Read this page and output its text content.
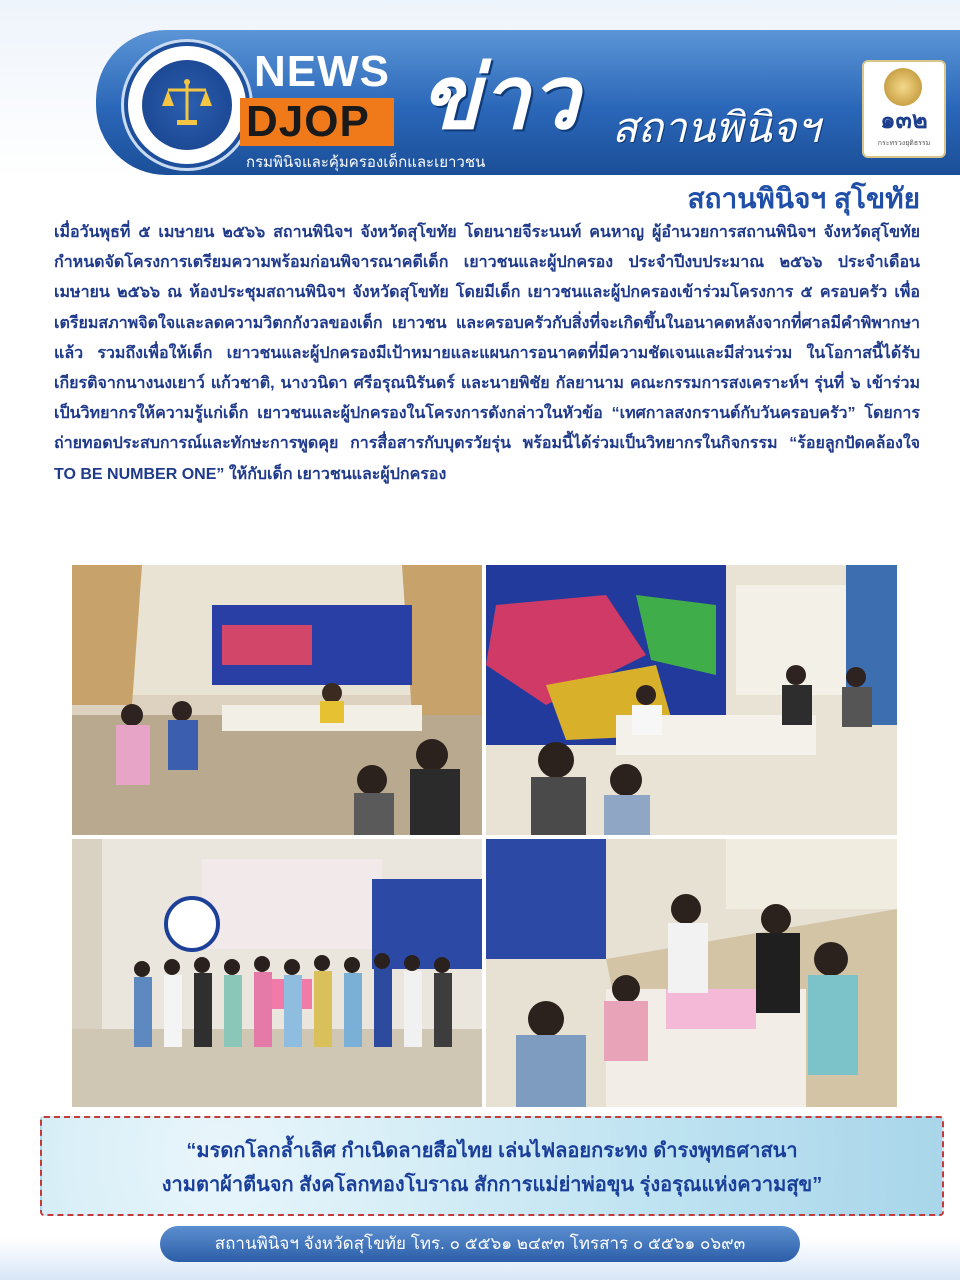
NEWS
DJOP
กรมพินิจและคุ้มครองเด็กและเยาวชน
ข่าว สถานพินิจฯ	๑๓๒
กระทรวงยุติธรรม
สถานพินิจฯ สุโขทัย
เมื่อวันพุธที่ ๕ เมษายน ๒๕๖๖ สถานพินิจฯ จังหวัดสุโขทัย โดยนายจีระนนท์ คนหาญ ผู้อำนวยการสถานพินิจฯ จังหวัดสุโขทัย กำหนดจัดโครงการเตรียมความพร้อมก่อนพิจารณาคดีเด็ก เยาวชนและผู้ปกครอง ประจำปีงบประมาณ ๒๕๖๖ ประจำเดือนเมษายน ๒๕๖๖ ณ ห้องประชุมสถานพินิจฯ จังหวัดสุโขทัย โดยมีเด็ก เยาวชนและผู้ปกครองเข้าร่วมโครงการ ๕ ครอบครัว เพื่อเตรียมสภาพจิตใจและลดความวิตกกังวลของเด็ก เยาวชน และครอบครัวกับสิ่งที่จะเกิดขึ้นในอนาคตหลังจากที่ศาลมีคำพิพากษาแล้ว รวมถึงเพื่อให้เด็ก เยาวชนและผู้ปกครองมีเป้าหมายและแผนการอนาคตที่มีความชัดเจนและมีส่วนร่วม ในโอกาสนี้ได้รับเกียรติจากนางนงเยาว์ แก้วชาติ, นางวนิดา ศรีอรุณนิรันดร์ และนายพิชัย กัลยานาม คณะกรรมการสงเคราะห์ฯ รุ่นที่ ๖ เข้าร่วมเป็นวิทยากรให้ความรู้แก่เด็ก เยาวชนและผู้ปกครองในโครงการดังกล่าวในหัวข้อ “เทศกาลสงกรานต์กับวันครอบครัว” โดยการถ่ายทอดประสบการณ์และทักษะการพูดคุย การสื่อสารกับบุตรวัยรุ่น พร้อมนี้ได้ร่วมเป็นวิทยากรในกิจกรรม “ร้อยลูกปัดคล้องใจ TO BE NUMBER ONE” ให้กับเด็ก เยาวชนและผู้ปกครอง
“มรดกโลกล้ำเลิศ กำเนิดลายสือไทย เล่นไฟลอยกระทง ดำรงพุทธศาสนา
งามตาผ้าตีนจก สังคโลกทองโบราณ สักการแม่ย่าพ่อขุน รุ่งอรุณแห่งความสุข”
สถานพินิจฯ จังหวัดสุโขทัย โทร. ๐ ๕๕๖๑ ๒๔๙๓ โทรสาร ๐ ๕๕๖๑ ๐๖๙๓
